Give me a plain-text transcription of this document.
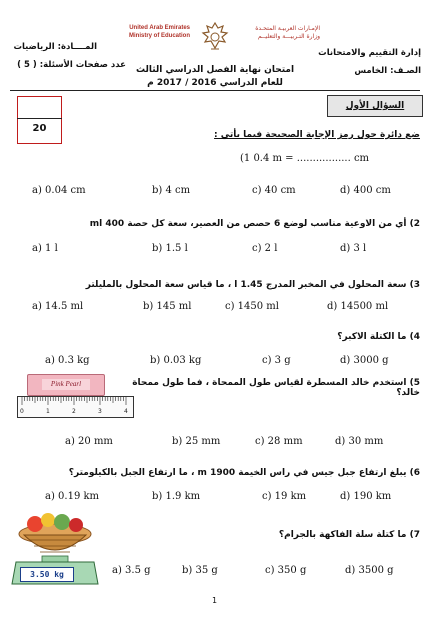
المــــادة: الرياضيات
عدد صفحات الأسئلة: ( 5 )
United Arab Emirates
Ministry of Education
الإمـارات العربيـة المتحـدة
وزارة التـربيـــة والتعليــم
امتحان نهاية الفصل الدراسي الثالث
للعام الدراسي 2016 / 2017 م
إدارة التقييم والامتحانات
الصـف: الخامس
20
السؤال الأول
ضع دائرة حول رمز الإجابة الصحيحة فيما يأتي :
(1 0.4 m = ................. cm
a) 0.04 cm	b) 4 cm	c) 40 cm	d) 400 cm
2) أي من الاوعية مناسب لوضع 6 حصص من العصير، سعة كل حصة 400 ml
a) 1 l	b) 1.5 l	c) 2 l	d) 3 l
3) سعة المحلول في المخبر المدرج 1.45 l ، ما قياس سعة المحلول بالمليلتر
a) 14.5 ml	b) 145 ml	c) 1450 ml	d) 14500 ml
4) ما الكتلة الاكبر؟
a) 0.3 kg	b) 0.03 kg	c) 3 g	d) 3000 g
5) استخدم خالد المسطرة لقياس طول الممحاة ، فما طول ممحاة خالد؟
Pink Pearl
0	1	2	3	4
a) 20 mm	b) 25 mm	c) 28 mm	d) 30 mm
6) يبلغ ارتفاع جبل جيس في راس الخيمة 1900 m ، ما ارتفاع الجبل بالكيلومتر؟
a) 0.19 km	b) 1.9 km	c) 19 km	d) 190 km
7) ما كتلة سلة الفاكهة بالجرام؟
3.50 kg	a) 3.5 g	b) 35 g	c) 350 g	d) 3500 g
1
